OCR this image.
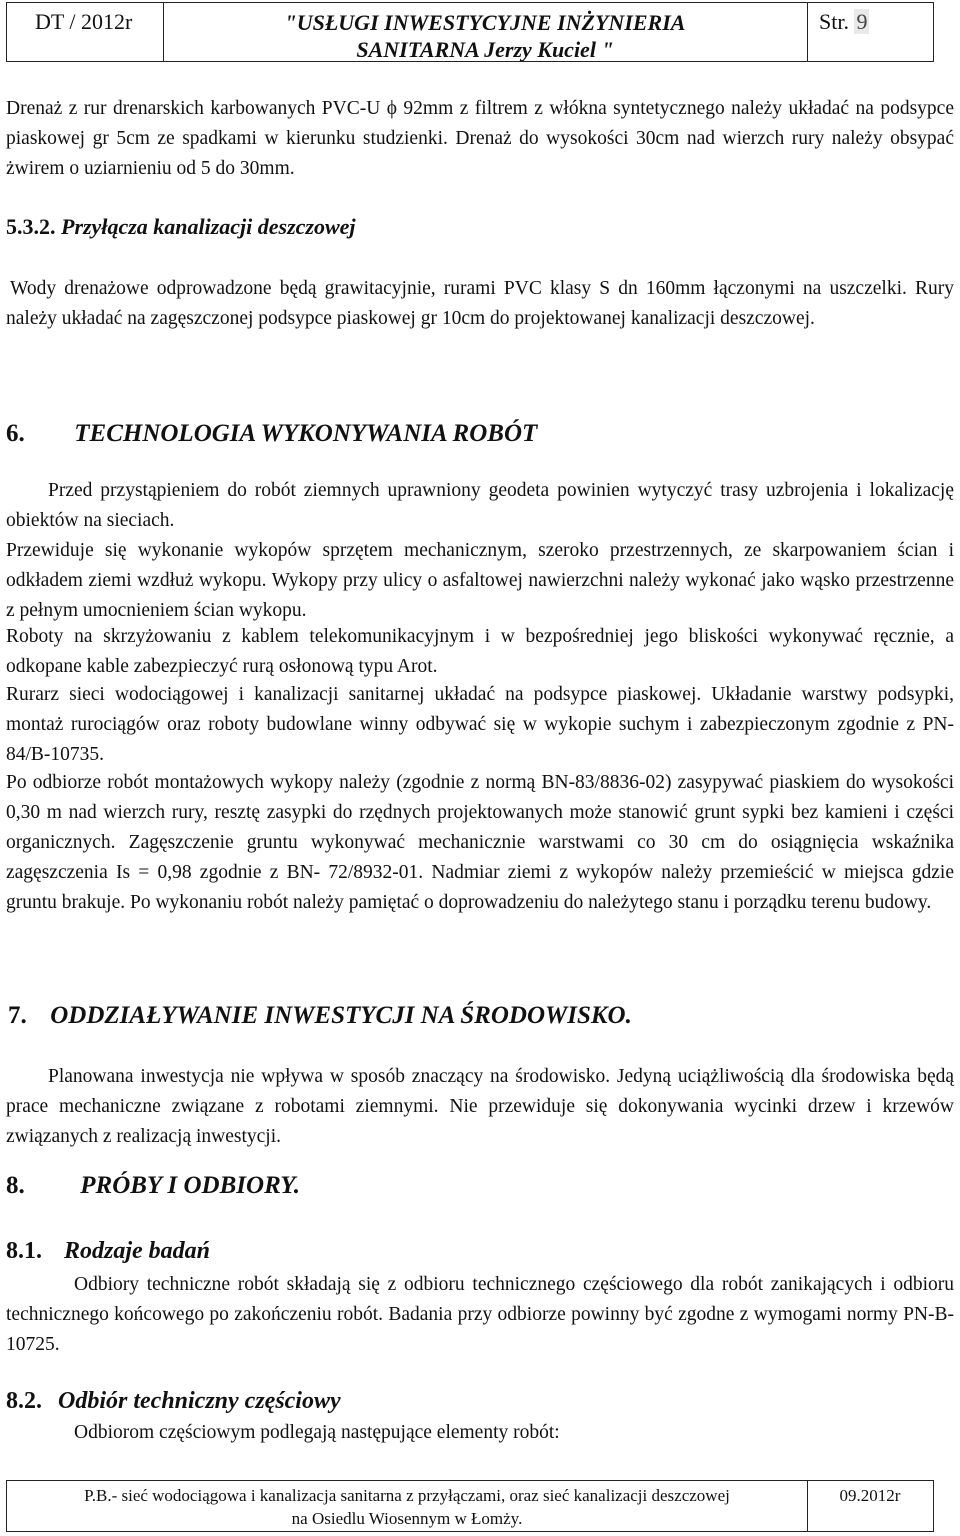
DT / 2012r	"USŁUGI INWESTYCYJNE INŻYNIERIA
SANITARNA Jerzy Kuciel "
Str. 9

Drenaż z rur drenarskich karbowanych PVC-U ϕ 92mm z filtrem z włókna syntetycznego należy układać na podsypce piaskowej gr 5cm ze spadkami w kierunku studzienki. Drenaż do wysokości 30cm nad wierzch rury należy obsypać żwirem o uziarnieniu od 5 do 30mm.

5.3.2. Przyłącza kanalizacji deszczowej

Wody drenażowe odprowadzone będą grawitacyjnie, rurami PVC klasy S dn 160mm łączonymi na uszczelki. Rury należy układać na zagęszczonej podsypce piaskowej gr 10cm do projektowanej kanalizacji deszczowej.

6. TECHNOLOGIA WYKONYWANIA ROBÓT

Przed przystąpieniem do robót ziemnych uprawniony geodeta powinien wytyczyć trasy uzbrojenia i lokalizację obiektów na sieciach.

Przewiduje się wykonanie wykopów sprzętem mechanicznym, szeroko przestrzennych, ze skarpowaniem ścian i odkładem ziemi wzdłuż wykopu. Wykopy przy ulicy o asfaltowej nawierzchni należy wykonać jako wąsko przestrzenne z pełnym umocnieniem ścian wykopu.

Roboty na skrzyżowaniu z kablem telekomunikacyjnym i w bezpośredniej jego bliskości wykonywać ręcznie, a odkopane kable zabezpieczyć rurą osłonową typu Arot.

Rurarz sieci wodociągowej i kanalizacji sanitarnej układać na podsypce piaskowej. Układanie warstwy podsypki, montaż rurociągów oraz roboty budowlane winny odbywać się w wykopie suchym i zabezpieczonym zgodnie z PN-84/B-10735.

Po odbiorze robót montażowych wykopy należy (zgodnie z normą BN-83/8836-02) zasypywać piaskiem do wysokości 0,30 m nad wierzch rury, resztę zasypki do rzędnych projektowanych może stanowić grunt sypki bez kamieni i części organicznych. Zagęszczenie gruntu wykonywać mechanicznie warstwami co 30 cm do osiągnięcia wskaźnika zagęszczenia Is = 0,98 zgodnie z BN- 72/8932-01. Nadmiar ziemi z wykopów należy przemieścić w miejsca gdzie gruntu brakuje. Po wykonaniu robót należy pamiętać o doprowadzeniu do należytego stanu i porządku terenu budowy.

7. ODDZIAŁYWANIE INWESTYCJI NA ŚRODOWISKO.

Planowana inwestycja nie wpływa w sposób znaczący na środowisko. Jedyną uciążliwością dla środowiska będą prace mechaniczne związane z robotami ziemnymi. Nie przewiduje się dokonywania wycinki drzew i krzewów związanych z realizacją inwestycji.

8. PRÓBY I ODBIORY.
8.1. Rodzaje badań

Odbiory techniczne robót składają się z odbioru technicznego częściowego dla robót zanikających i odbioru technicznego końcowego po zakończeniu robót. Badania przy odbiorze powinny być zgodne z wymogami normy PN-B-10725.

8.2. Odbiór techniczny częściowy

Odbiorom częściowym podlegają następujące elementy robót:

P.B.- sieć wodociągowa i kanalizacja sanitarna z przyłączami, oraz sieć kanalizacji deszczowej
na Osiedlu Wiosennym w Łomży.
09.2012r
